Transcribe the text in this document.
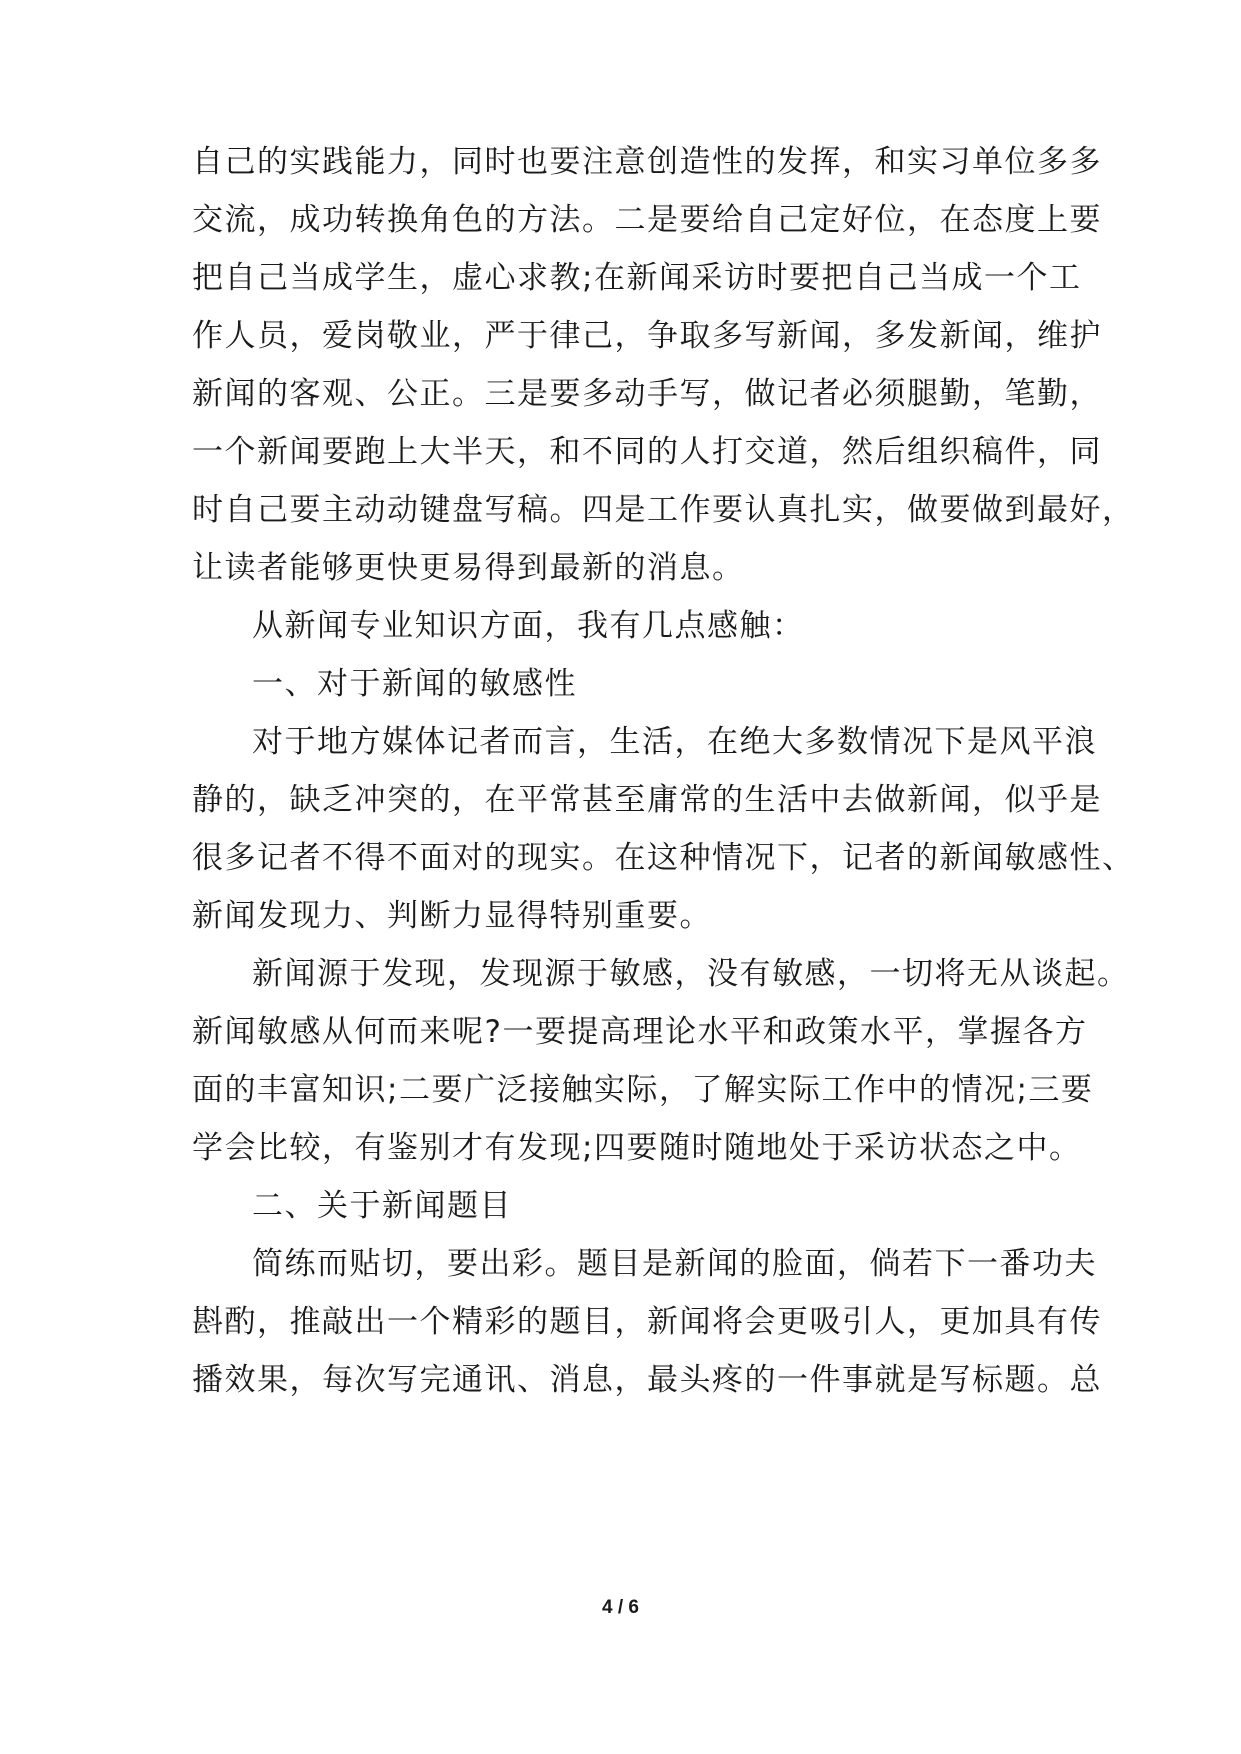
自己的实践能力，同时也要注意创造性的发挥，和实习单位多多
交流，成功转换角色的方法。二是要给自己定好位，在态度上要
把自己当成学生，虚心求教;在新闻采访时要把自己当成一个工
作人员，爱岗敬业，严于律己，争取多写新闻，多发新闻，维护
新闻的客观、公正。三是要多动手写，做记者必须腿勤，笔勤，
一个新闻要跑上大半天，和不同的人打交道，然后组织稿件，同
时自己要主动动键盘写稿。四是工作要认真扎实，做要做到最好，
让读者能够更快更易得到最新的消息。
从新闻专业知识方面，我有几点感触：
一、对于新闻的敏感性
对于地方媒体记者而言，生活，在绝大多数情况下是风平浪
静的，缺乏冲突的，在平常甚至庸常的生活中去做新闻，似乎是
很多记者不得不面对的现实。在这种情况下，记者的新闻敏感性、
新闻发现力、判断力显得特别重要。
新闻源于发现，发现源于敏感，没有敏感，一切将无从谈起。
新闻敏感从何而来呢?一要提高理论水平和政策水平，掌握各方
面的丰富知识;二要广泛接触实际，了解实际工作中的情况;三要
学会比较，有鉴别才有发现;四要随时随地处于采访状态之中。
二、关于新闻题目
简练而贴切，要出彩。题目是新闻的脸面，倘若下一番功夫
斟酌，推敲出一个精彩的题目，新闻将会更吸引人，更加具有传
播效果，每次写完通讯、消息，最头疼的一件事就是写标题。总
4 / 6
